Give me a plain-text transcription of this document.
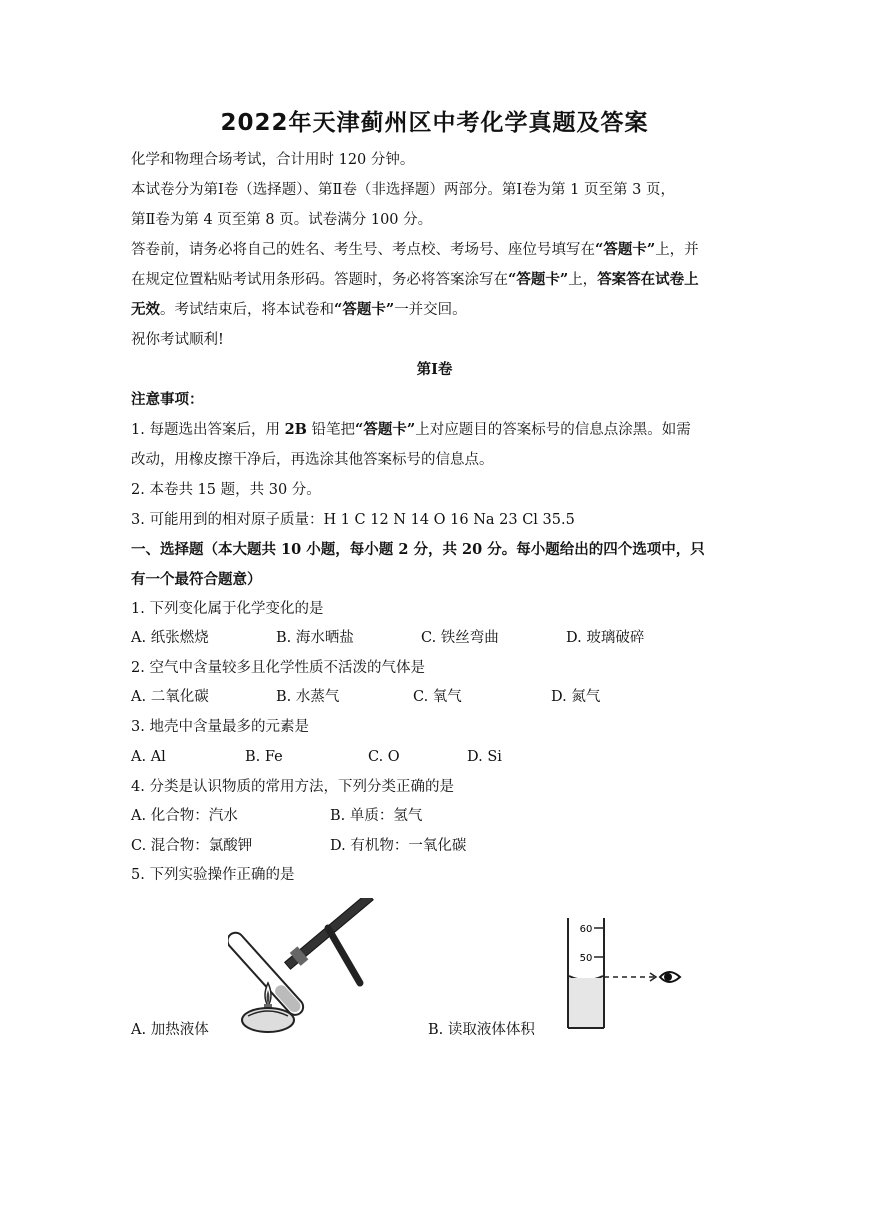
2022年天津蓟州区中考化学真题及答案
化学和物理合场考试，合计用时 120 分钟。
本试卷分为第Ⅰ卷（选择题）、第Ⅱ卷（非选择题）两部分。第Ⅰ卷为第 1 页至第 3 页，
第Ⅱ卷为第 4 页至第 8 页。试卷满分 100 分。
答卷前，请务必将自己的姓名、考生号、考点校、考场号、座位号填写在“答题卡”上，并
在规定位置粘贴考试用条形码。答题时，务必将答案涂写在“答题卡”上，答案答在试卷上
无效。考试结束后，将本试卷和“答题卡”一并交回。
祝你考试顺利!
第Ⅰ卷
注意事项：
1. 每题选出答案后，用 2B 铅笔把“答题卡”上对应题目的答案标号的信息点涂黑。如需
改动，用橡皮擦干净后，再选涂其他答案标号的信息点。
2. 本卷共 15 题，共 30 分。
3. 可能用到的相对原子质量：H 1 C 12 N 14 O 16 Na 23 Cl 35.5
一、选择题（本大题共 10 小题，每小题 2 分，共 20 分。每小题给出的四个选项中，只
有一个最符合题意）
1. 下列变化属于化学变化的是
A. 纸张燃烧	B. 海水晒盐	C. 铁丝弯曲	D. 玻璃破碎
2. 空气中含量较多且化学性质不活泼的气体是
A. 二氧化碳	B. 水蒸气	C. 氧气	D. 氮气
3. 地壳中含量最多的元素是
A. Al	B. Fe	C. O	D. Si
4. 分类是认识物质的常用方法，下列分类正确的是
A. 化合物：汽水	B. 单质：氢气
C. 混合物：氯酸钾	D. 有机物：一氧化碳
5. 下列实验操作正确的是
A. 加热液体
60
50
B. 读取液体体积
